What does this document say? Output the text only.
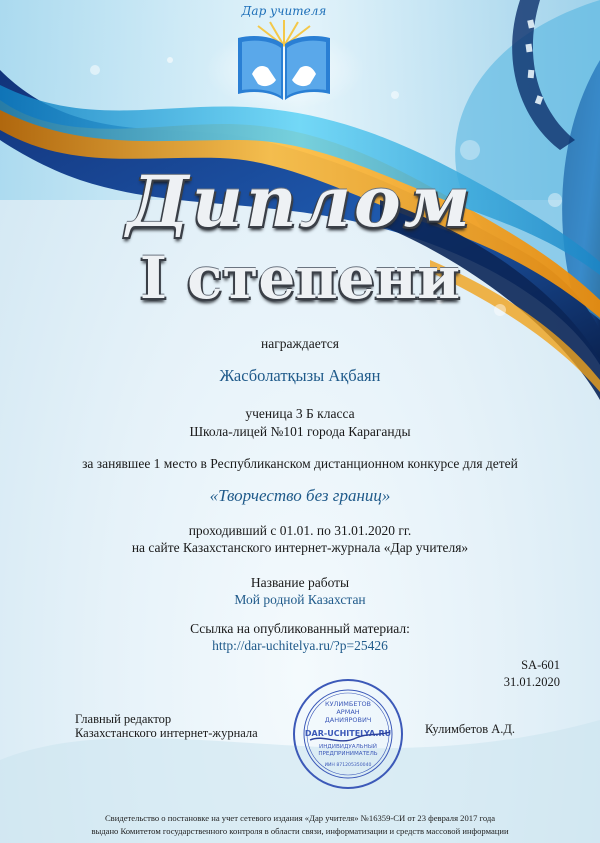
Дар учителя
Диплом
I степени
награждается
Жасболатқызы Ақбаян
ученица 3 Б класса
Школа-лицей №101 города Караганды
за занявшее 1 место в Республиканском дистанционном конкурсе для детей
«Творчество без границ»
проходивший с 01.01. по 31.01.2020 гг.
на сайте Казахстанского интернет-журнала «Дар учителя»
Название работы
Мой родной Казахстан
Ссылка на опубликованный материал:
http://dar-uchitelya.ru/?p=25426
SA-601
31.01.2020
Главный редактор
Казахстанского интернет-журнала	Кулимбетов А.Д.
КУЛИМБЕТОВ
АРМАН
ДАНИЯРОВИЧ
DAR-UCHITELYA.RU
ИНДИВИДУАЛЬНЫЙ
ПРЕДПРИНИМАТЕЛЬ
ИИН 871205350040
Свидетельство о постановке на учет сетевого издания «Дар учителя» №16359-СИ от 23 февраля 2017 года
выдано Комитетом государственного контроля в области связи, информатизации и средств массовой информации
